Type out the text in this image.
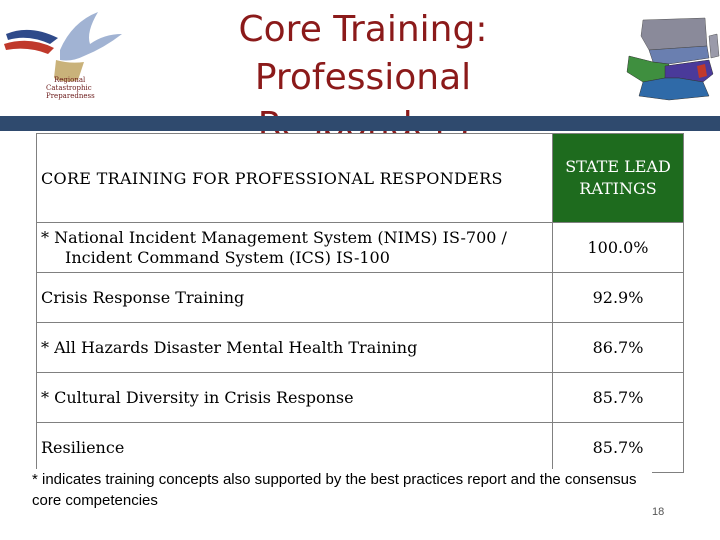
Regional
Catastrophic
Preparedness
Core Training: Professional
CORE TRAINING FOR PROFESSIONAL RESPONDERS	STATE LEAD
RATINGS
* National Incident Management System (NIMS) IS-700 /
Incident Command System (ICS) IS-100	100.0%
Crisis Response Training	92.9%
* All Hazards Disaster Mental Health Training	86.7%
* Cultural Diversity in Crisis Response	85.7%
Resilience	85.7%
* indicates training concepts also supported by the best practices report and the consensus core competencies
18
